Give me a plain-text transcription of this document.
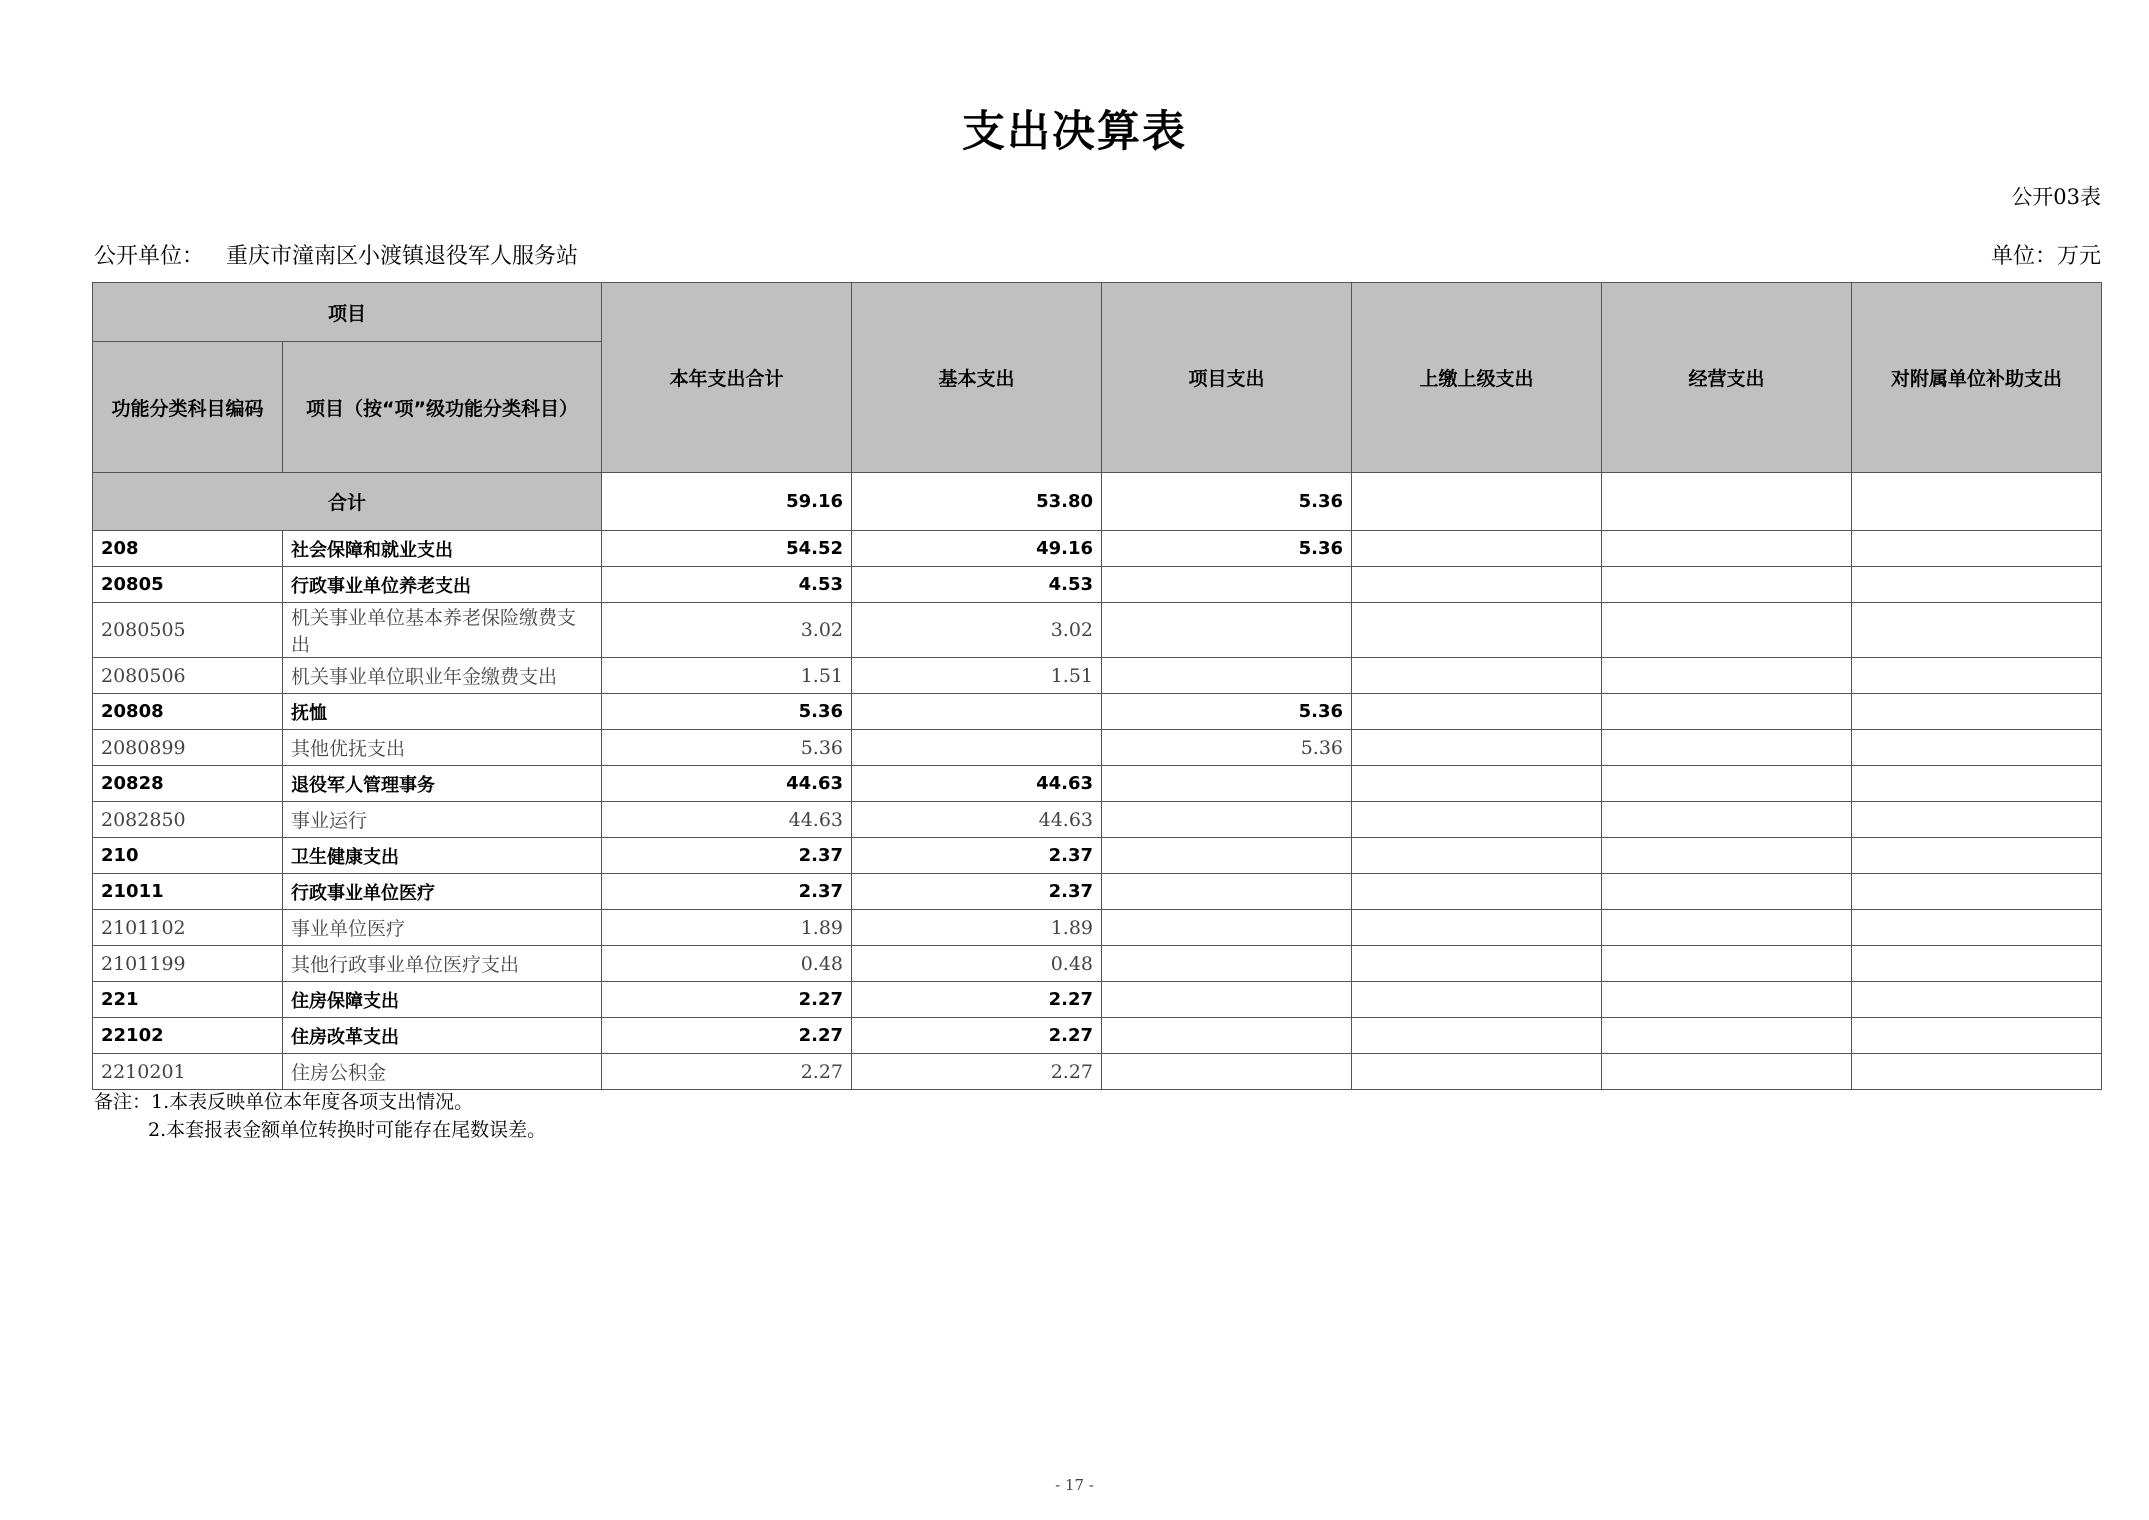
支出决算表
公开03表
公开单位： 重庆市潼南区小渡镇退役军人服务站	单位：万元
项目		本年支出合计	基本支出	项目支出	上缴上级支出	经营支出	对附属单位补助支出
功能分类科目编码	项目（按“项”级功能分类科目）						
合计		59.16	53.80	5.36			
208	社会保障和就业支出	54.52	49.16	5.36			
20805	行政事业单位养老支出	4.53	4.53				
2080505	机关事业单位基本养老保险缴费支出	3.02	3.02				
2080506	机关事业单位职业年金缴费支出	1.51	1.51				
20808	抚恤	5.36		5.36			
2080899	其他优抚支出	5.36		5.36			
20828	退役军人管理事务	44.63	44.63				
2082850	事业运行	44.63	44.63				
210	卫生健康支出	2.37	2.37				
21011	行政事业单位医疗	2.37	2.37				
2101102	事业单位医疗	1.89	1.89				
2101199	其他行政事业单位医疗支出	0.48	0.48				
221	住房保障支出	2.27	2.27				
22102	住房改革支出	2.27	2.27				
2210201	住房公积金	2.27	2.27				
备注：1.本表反映单位本年度各项支出情况。
2.本套报表金额单位转换时可能存在尾数误差。
- 17 -
